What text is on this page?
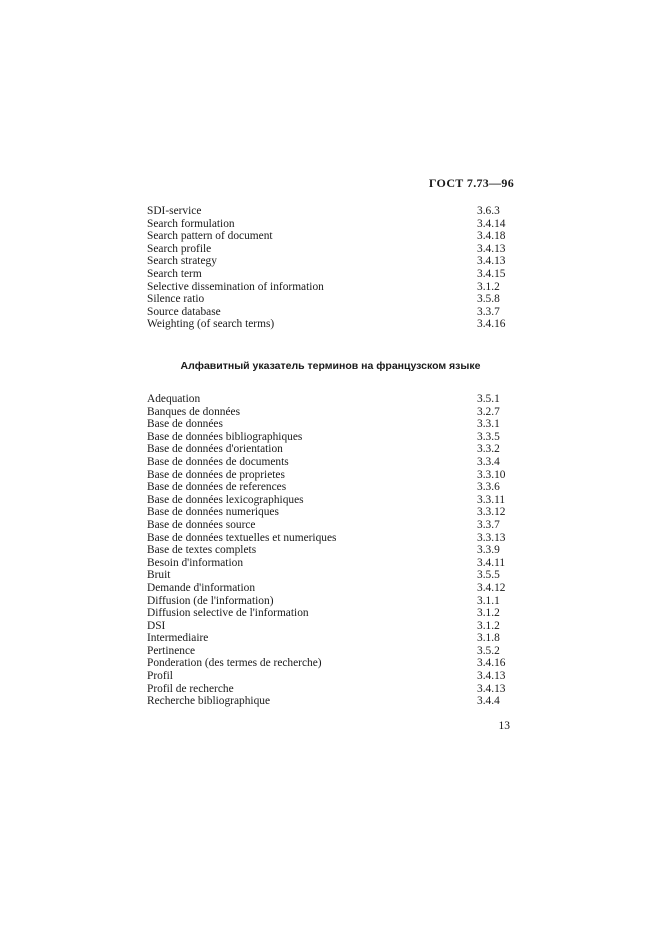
ГОСТ 7.73—96
SDI-service	3.6.3
Search formulation	3.4.14
Search pattern of document	3.4.18
Search profile	3.4.13
Search strategy	3.4.13
Search term	3.4.15
Selective dissemination of information	3.1.2
Silence ratio	3.5.8
Source database	3.3.7
Weighting (of search terms)	3.4.16
Алфавитный указатель терминов на французском языке
Adequation	3.5.1
Banques de données	3.2.7
Base de données	3.3.1
Base de données bibliographiques	3.3.5
Base de données d'orientation	3.3.2
Base de données de documents	3.3.4
Base de données de proprietes	3.3.10
Base de données de references	3.3.6
Base de données lexicographiques	3.3.11
Base de données numeriques	3.3.12
Base de données source	3.3.7
Base de données textuelles et numeriques	3.3.13
Base de textes complets	3.3.9
Besoin d'information	3.4.11
Bruit	3.5.5
Demande d'information	3.4.12
Diffusion (de l'information)	3.1.1
Diffusion selective de l'information	3.1.2
DSI	3.1.2
Intermediaire	3.1.8
Pertinence	3.5.2
Ponderation (des termes de recherche)	3.4.16
Profil	3.4.13
Profil de recherche	3.4.13
Recherche bibliographique	3.4.4
13
